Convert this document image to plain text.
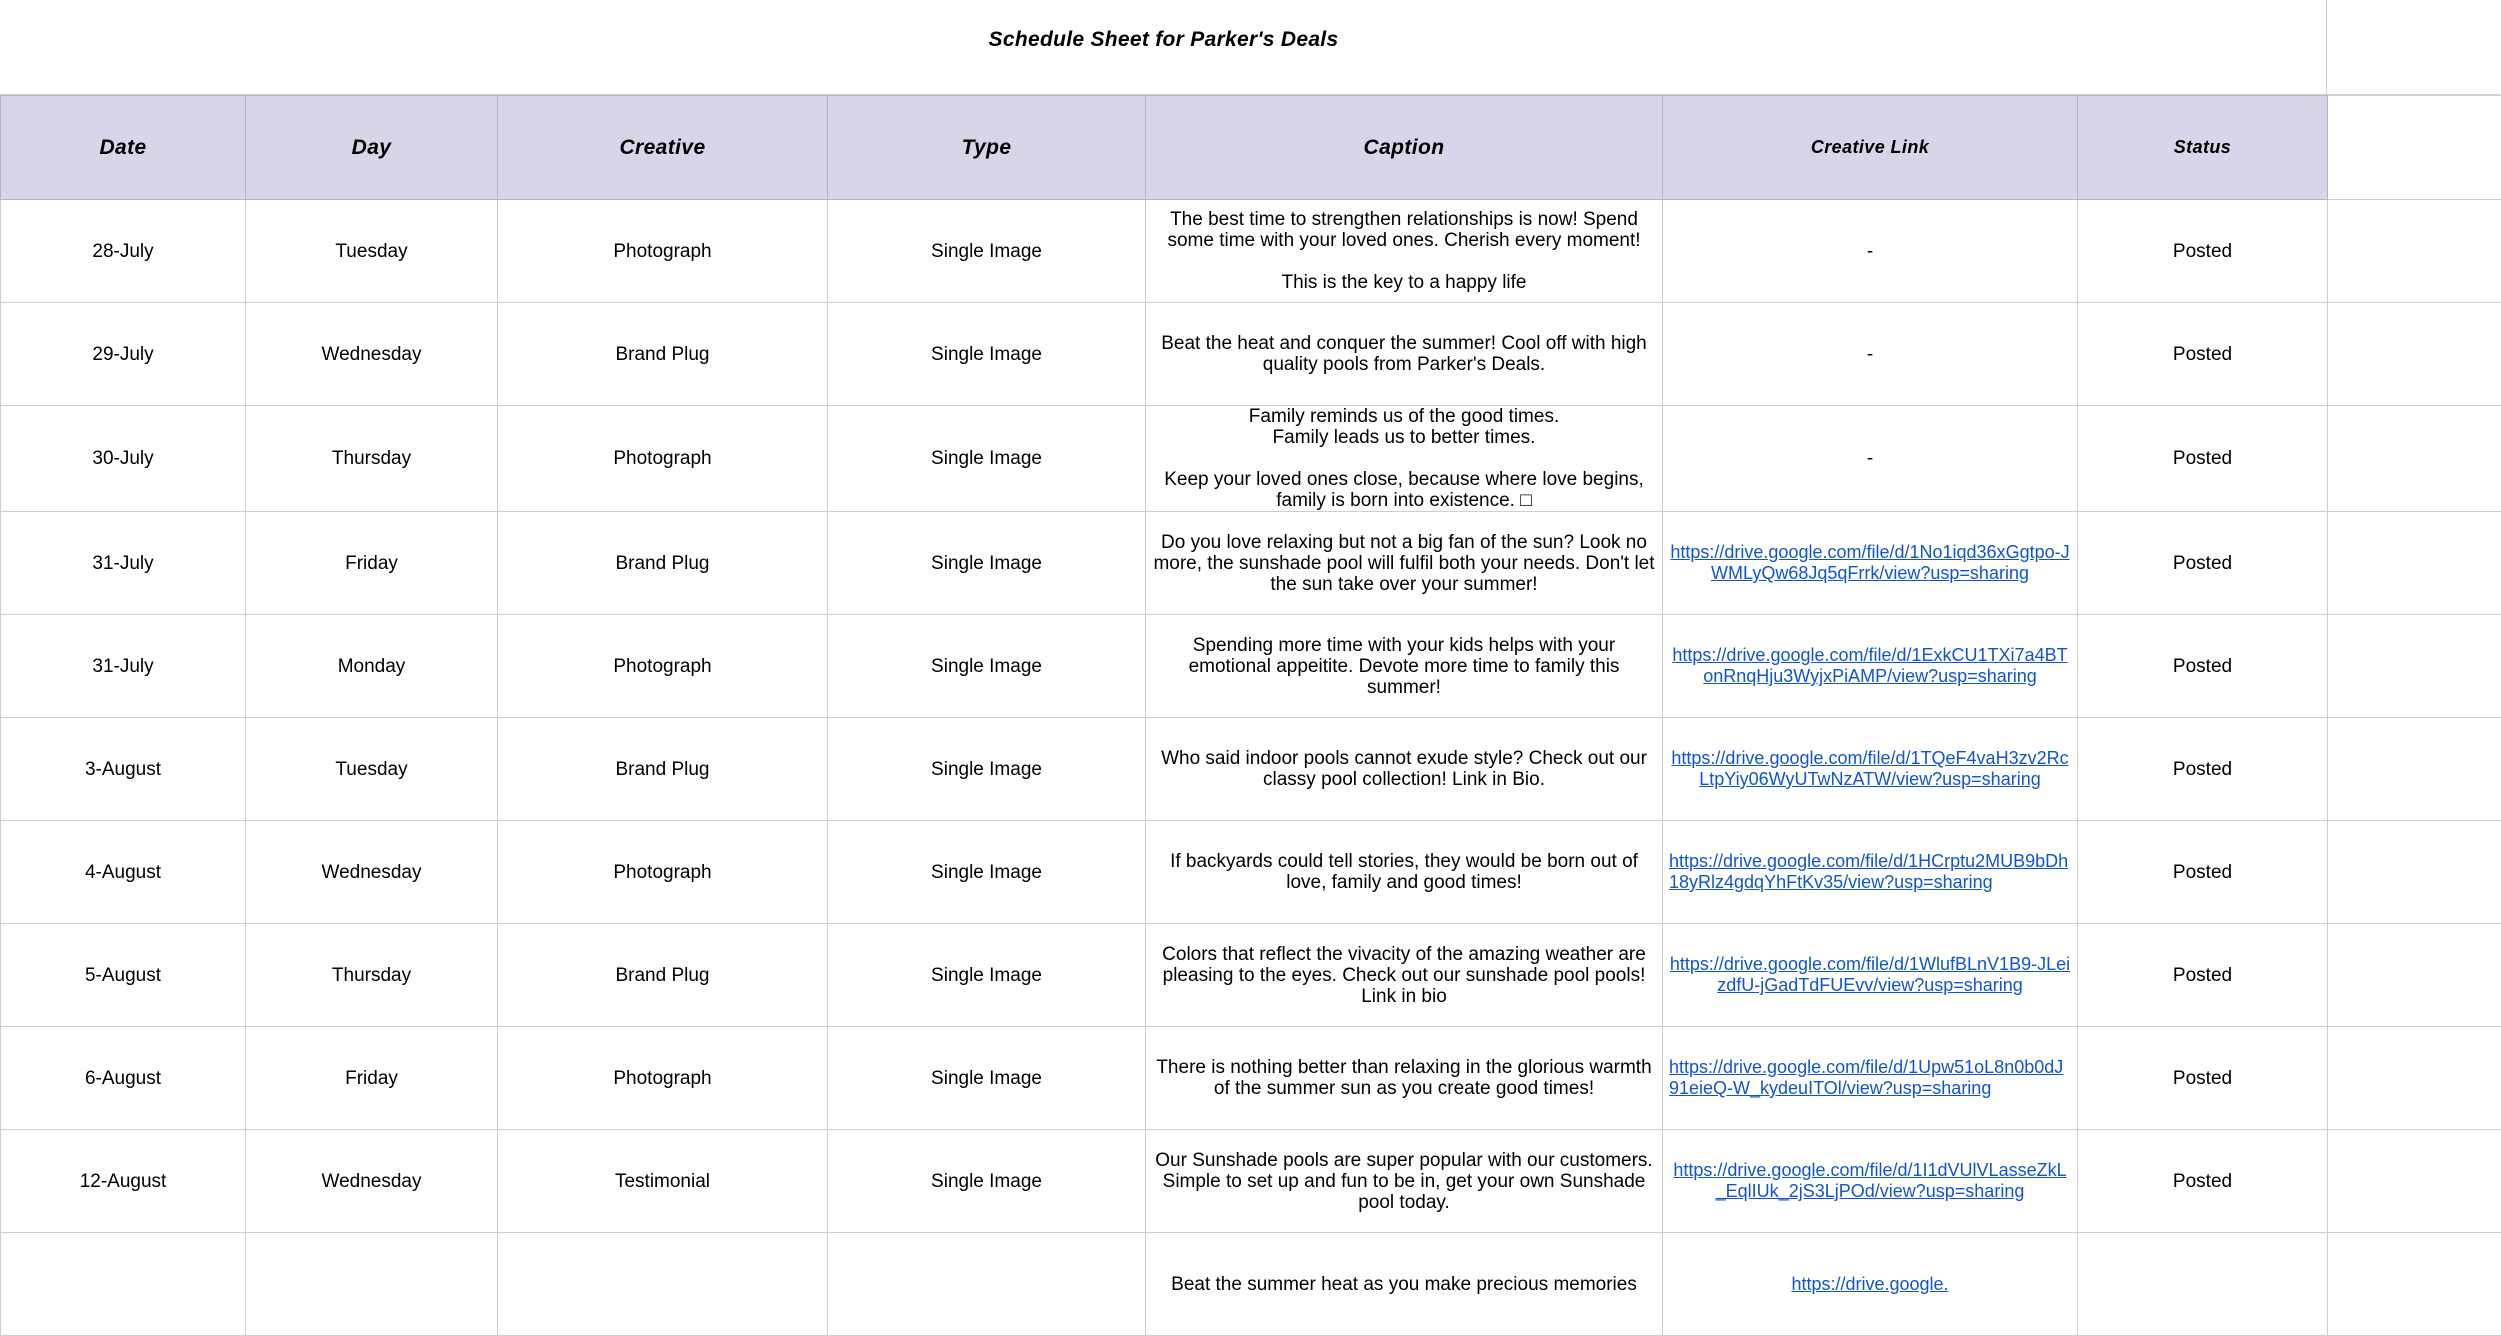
Schedule Sheet for Parker's Deals
Date	Day	Creative	Type	Caption	Creative Link	Status	
28-July	Tuesday	Photograph	Single Image	The best time to strengthen relationships is now! Spend some time with your loved ones. Cherish every moment!

This is the key to a happy life	-	Posted	
29-July	Wednesday	Brand Plug	Single Image	Beat the heat and conquer the summer! Cool off with high quality pools from Parker's Deals.	-	Posted	
30-July	Thursday	Photograph	Single Image	Family reminds us of the good times.
Family leads us to better times.

Keep your loved ones close, because where love begins, family is born into existence. □	-	Posted	
31-July	Friday	Brand Plug	Single Image	Do you love relaxing but not a big fan of the sun? Look no more, the sunshade pool will fulfil both your needs. Don't let the sun take over your summer!	https://drive.google.com/file/d/1No1iqd36xGgtpo-JWMLyQw68Jq5qFrrk/view?usp=sharing	Posted	
31-July	Monday	Photograph	Single Image	Spending more time with your kids helps with your emotional appeitite. Devote more time to family this summer!	https://drive.google.com/file/d/1ExkCU1TXi7a4BTonRnqHju3WyjxPiAMP/view?usp=sharing	Posted	
3-August	Tuesday	Brand Plug	Single Image	Who said indoor pools cannot exude style? Check out our classy pool collection! Link in Bio.	https://drive.google.com/file/d/1TQeF4vaH3zv2RcLtpYiy06WyUTwNzATW/view?usp=sharing	Posted	
4-August	Wednesday	Photograph	Single Image	If backyards could tell stories, they would be born out of love, family and good times!	https://drive.google.com/file/d/1HCrptu2MUB9bDh18yRlz4gdqYhFtKv35/view?usp=sharing	Posted	
5-August	Thursday	Brand Plug	Single Image	Colors that reflect the vivacity of the amazing weather are pleasing to the eyes. Check out our sunshade pool pools! Link in bio	https://drive.google.com/file/d/1WlufBLnV1B9-JLeizdfU-jGadTdFUEvv/view?usp=sharing	Posted	
6-August	Friday	Photograph	Single Image	There is nothing better than relaxing in the glorious warmth of the summer sun as you create good times!	https://drive.google.com/file/d/1Upw51oL8n0b0dJ91eieQ-W_kydeuITOl/view?usp=sharing	Posted	
12-August	Wednesday	Testimonial	Single Image	Our Sunshade pools are super popular with our customers. Simple to set up and fun to be in, get your own Sunshade pool today.	https://drive.google.com/file/d/1I1dVUlVLasseZkL_EqlIUk_2jS3LjPOd/view?usp=sharing	Posted	
				Beat the summer heat as you make precious memories	https://drive.google.		
